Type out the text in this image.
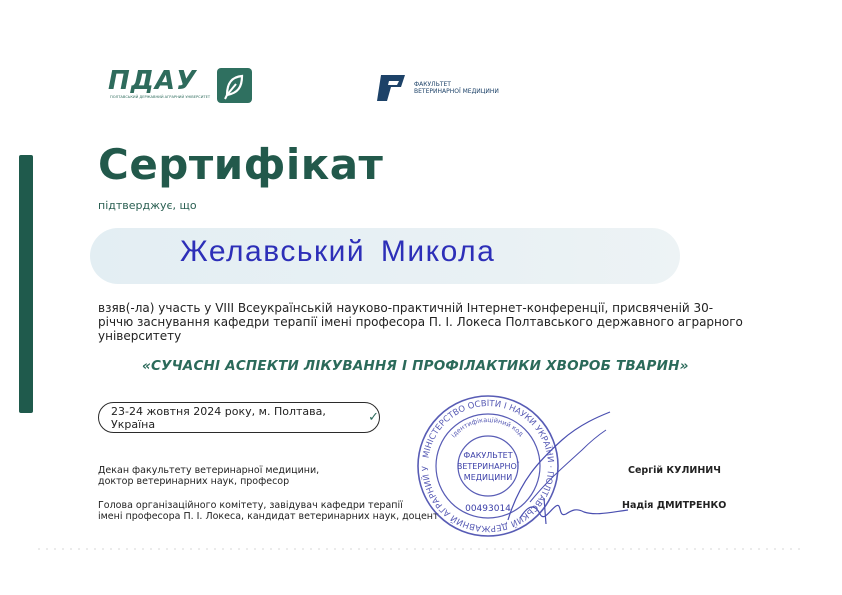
ПДАУ
ПОЛТАВСЬКИЙ ДЕРЖАВНИЙ АГРАРНИЙ УНІВЕРСИТЕТ
ФАКУЛЬТЕТ
ВЕТЕРИНАРНОЇ МЕДИЦИНИ
Сертифікат
підтверджує, що
Желавський Микола
взяв(-ла) участь у VIII Всеукраїнській науково-практичній Інтернет-конференції, присвяченій 30-річчю заснування кафедри терапії імені професора П. І. Локеса Полтавського державного аграрного університету
«СУЧАСНІ АСПЕКТИ ЛІКУВАННЯ І ПРОФІЛАКТИКИ ХВОРОБ ТВАРИН»
23-24 жовтня 2024 року, м. Полтава, Україна	✓
Декан факультету ветеринарної медицини,
доктор ветеринарних наук, професор
Сергій КУЛИНИЧ
Голова організаційного комітету, завідувач кафедри терапії
імені професора П. І. Локеса, кандидат ветеринарних наук, доцент
Надія ДМИТРЕНКО
МІНІСТЕРСТВО ОСВІТИ І НАУКИ УКРАЇНИ · ПОЛТАВСЬКИЙ ДЕРЖАВНИЙ АГРАРНИЙ У
ідентифікаційний код
ФАКУЛЬТЕТ
ВЕТЕРИНАРНОЇ
МЕДИЦИНИ
00493014
